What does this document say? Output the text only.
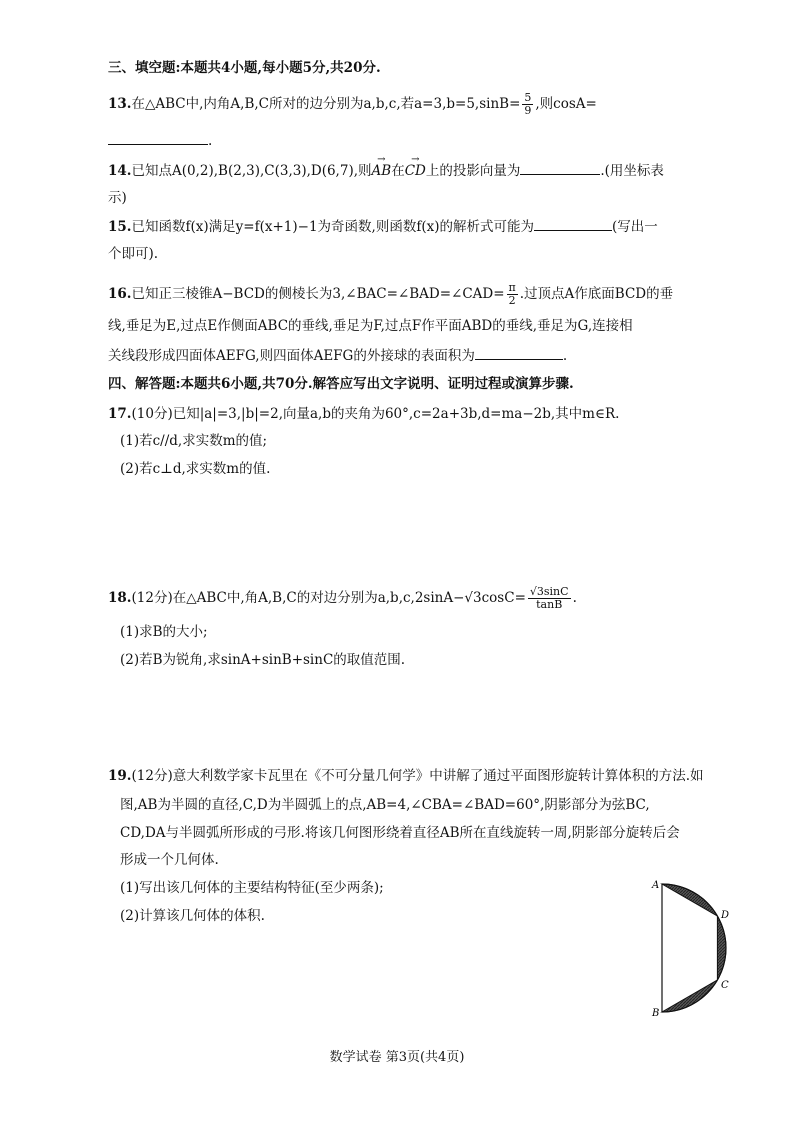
三、填空题:本题共4小题,每小题5分,共20分.
13.在△ABC中,内角A,B,C所对的边分别为a,b,c,若$a=3,b=5,\sin B= \frac{5}{9}$ ,则cosA=
.
14.已知点A(0,2),B(2,3),C(3,3),D(6,7),则→ AB在→ CD上的投影向量为	.(用坐标表
示)
15.已知函数f(x)满足y=f(x+1)−1为奇函数,则函数f(x)的解析式可能为	(写出一
个即可).
16.已知正三棱锥A−BCD的侧棱长为3,∠BAC=∠BAD=∠CAD= $\frac{\pi}{2}$ .过顶点A作底面BCD的垂
线,垂足为E,过点E作侧面ABC的垂线,垂足为F,过点F作平面ABD的垂线,垂足为G,连接相
关线段形成四面体AEFG,则四面体AEFG的外接球的表面积为	.
四、解答题:本题共6小题,共70分.解答应写出文字说明、证明过程或演算步骤.
17.(10分)已知|a|=3,|b|=2,向量a,b的夹角为60°,c=2a+3b,d=ma−2b,其中m∈R.
(1)若c//d,求实数m的值;
(2)若c⊥d,求实数m的值.
18.(12分)在△ABC中,角A,B,C的对边分别为$a,b,c,2\sin A-√3\cos C= \frac{√3\sin C}{\tan B}$ .
(1)求B的大小;
(2)若B为锐角,求sinA+sinB+sinC的取值范围.
19.(12分)意大利数学家卡瓦里在《不可分量几何学》中讲解了通过平面图形旋转计算体积的方法.如
图,AB为半圆的直径,C,D为半圆弧上的点,AB=4,∠CBA=∠BAD=60°,阴影部分为弦BC,
CD,DA与半圆弧所形成的弓形.将该几何图形绕着直径AB所在直线旋转一周,阴影部分旋转后会
形成一个几何体.
(1)写出该几何体的主要结构特征(至少两条);
(2)计算该几何体的体积.
A
B
D
C
数学试卷 第3页(共4页)
